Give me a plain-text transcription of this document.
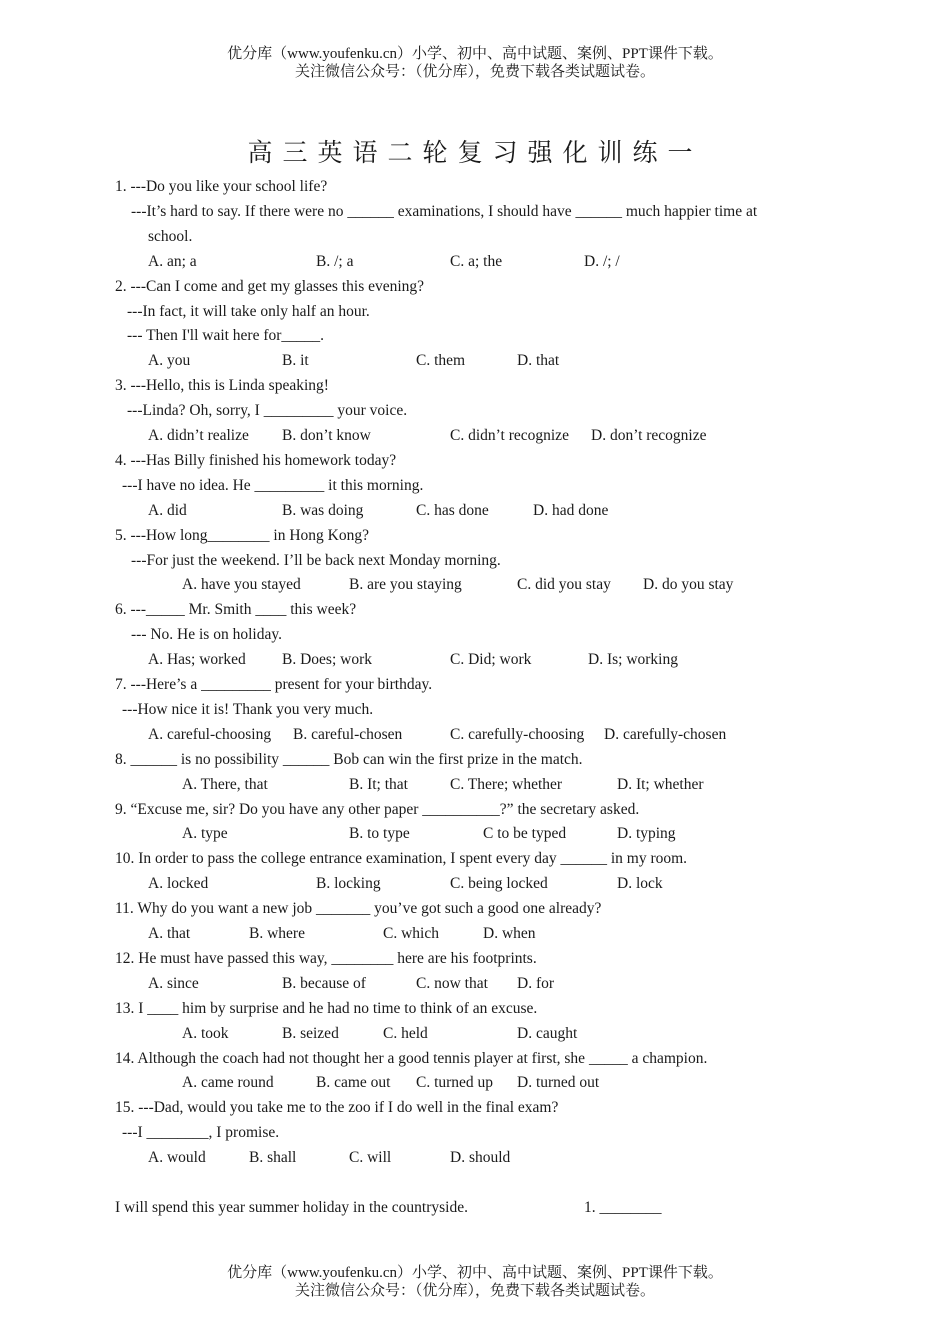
优分库（www.youfenku.cn）小学、初中、高中试题、案例、PPT课件下载。
关注微信公众号：（优分库），免费下载各类试题试卷。
高三英语二轮复习强化训练一
1. ---Do you like your school life?
---It’s hard to say. If there were no ______ examinations, I should have ______ much happier time at
school.
A. an; a	B. /; a	C. a; the	D. /; /
2. ---Can I come and get my glasses this evening?
---In fact, it will take only half an hour.
--- Then I'll wait here for_____.
A. you	B. it	C. them	D. that
3. ---Hello, this is Linda speaking!
---Linda? Oh, sorry, I _________ your voice.
A. didn’t realize B. don’t know	C. didn’t recognize D. don’t recognize
4. ---Has Billy finished his homework today?
---I have no idea. He _________ it this morning.
A. did	B. was doing	C. has done	D. had done
5. ---How long________ in Hong Kong?
---For just the weekend. I’ll be back next Monday morning.
A. have you stayed	B. are you staying	C. did you stay D. do you stay
6. ---_____ Mr. Smith ____ this week?
--- No. He is on holiday.
A. Has; worked B. Does; work	C. Did; work	D. Is; working
7. ---Here’s a _________ present for your birthday.
---How nice it is! Thank you very much.
A. careful-choosing B. careful-chosen	C. carefully-choosing D. carefully-chosen
8. ______ is no possibility ______ Bob can win the first prize in the match.
A. There, that	B. It; that	C. There; whether	D. It; whether
9. “Excuse me, sir? Do you have any other paper __________?” the secretary asked.
A. type	B. to type	C to be typed	D. typing
10. In order to pass the college entrance examination, I spent every day ______ in my room.
A. locked	B. locking	C. being locked	D. lock
11. Why do you want a new job _______ you’ve got such a good one already?
A. that	B. where	C. which	D. when
12. He must have passed this way, ________ here are his footprints.
A. since	B. because of	C. now that D. for
13. I ____ him by surprise and he had no time to think of an excuse.
A. took	B. seized	C. held	D. caught
14. Although the coach had not thought her a good tennis player at first, she _____ a champion.
A. came round	B. came out C. turned up D. turned out
15. ---Dad, would you take me to the zoo if I do well in the final exam?
---I ________, I promise.
A. would	B. shall	C. will	D. should
I will spend this year summer holiday in the countryside.	1. ________
优分库（www.youfenku.cn）小学、初中、高中试题、案例、PPT课件下载。
关注微信公众号：（优分库），免费下载各类试题试卷。
